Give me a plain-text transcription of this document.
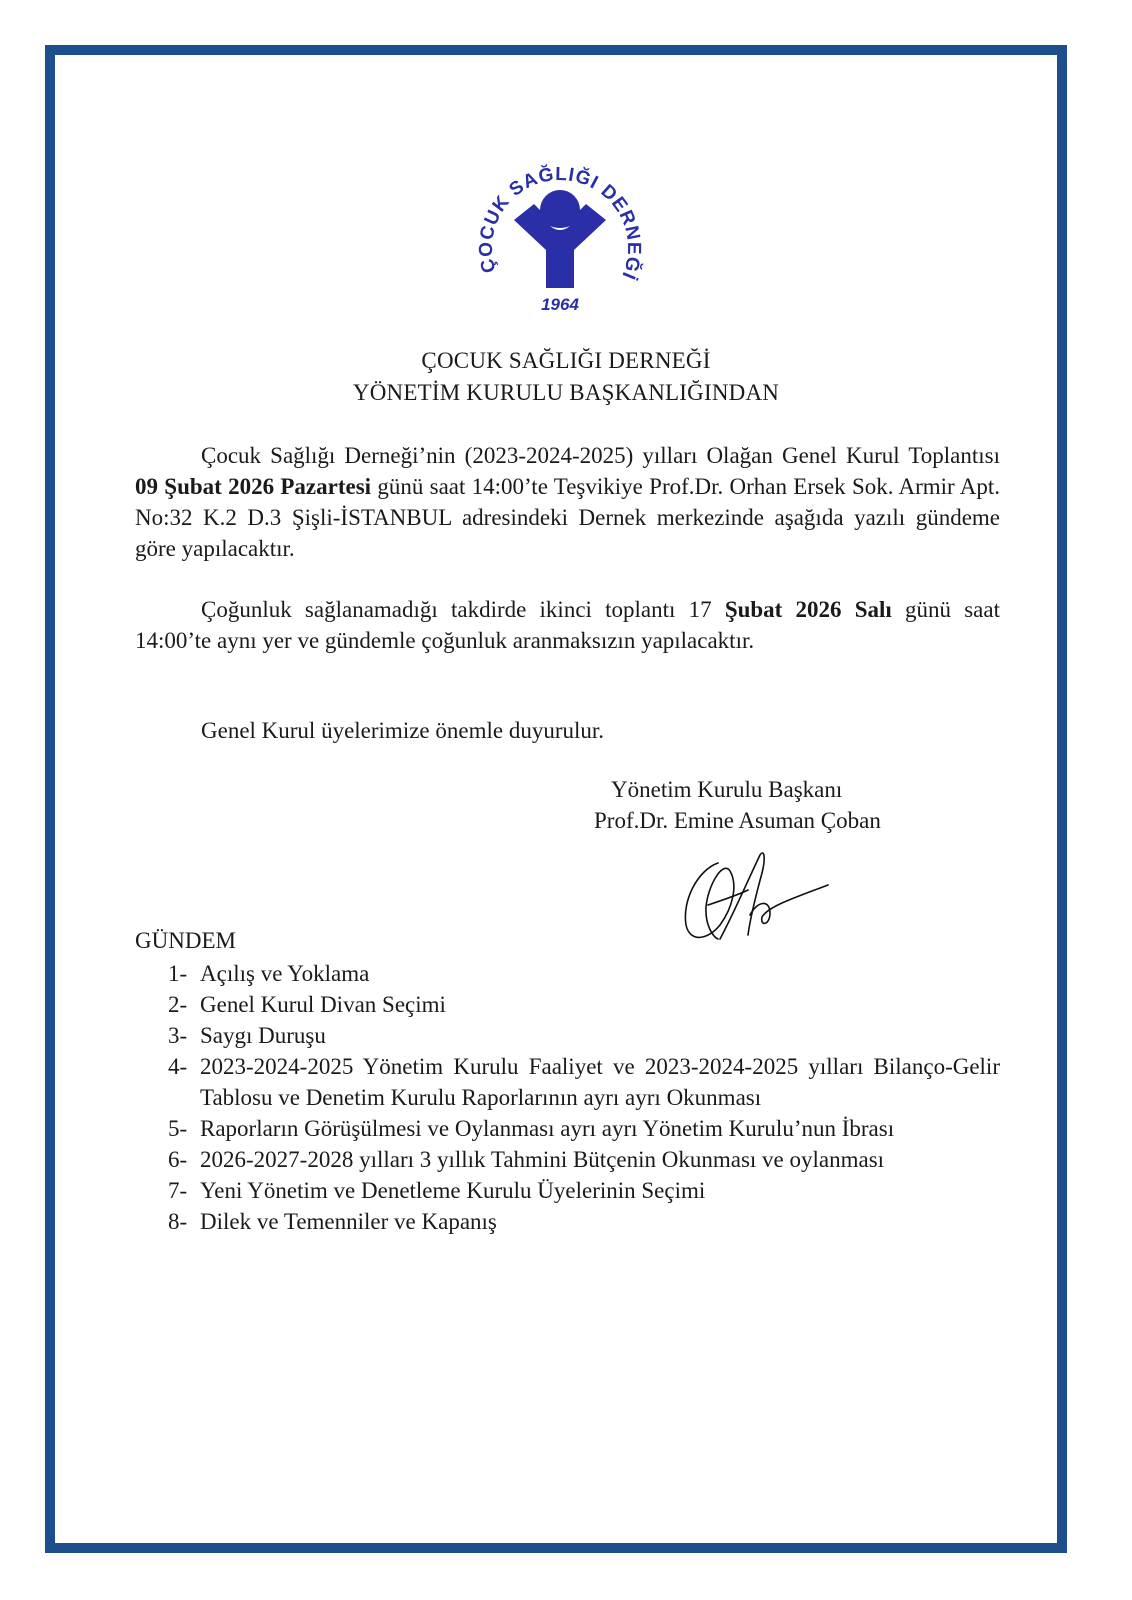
ÇOCUK SAĞLIĞI DERNEĞİ
1964
ÇOCUK SAĞLIĞI DERNEĞİ
YÖNETİM KURULU BAŞKANLIĞINDAN
Çocuk Sağlığı Derneği’nin (2023-2024-2025) yılları Olağan Genel Kurul Toplantısı 09 Şubat 2026 Pazartesi günü saat 14:00’te Teşvikiye Prof.Dr. Orhan Ersek Sok. Armir Apt. No:32 K.2 D.3 Şişli-İSTANBUL adresindeki Dernek merkezinde aşağıda yazılı gündeme göre yapılacaktır.
Çoğunluk sağlanamadığı takdirde ikinci toplantı 17 Şubat 2026 Salı günü saat 14:00’te aynı yer ve gündemle çoğunluk aranmaksızın yapılacaktır.
Genel Kurul üyelerimize önemle duyurulur.
Yönetim Kurulu Başkanı
Prof.Dr. Emine Asuman Çoban
GÜNDEM
1- Açılış ve Yoklama
2- Genel Kurul Divan Seçimi
3- Saygı Duruşu
4- 2023-2024-2025 Yönetim Kurulu Faaliyet ve 2023-2024-2025 yılları Bilanço-Gelir Tablosu ve Denetim Kurulu Raporlarının ayrı ayrı Okunması
5- Raporların Görüşülmesi ve Oylanması ayrı ayrı Yönetim Kurulu’nun İbrası
6- 2026-2027-2028 yılları 3 yıllık Tahmini Bütçenin Okunması ve oylanması
7- Yeni Yönetim ve Denetleme Kurulu Üyelerinin Seçimi
8- Dilek ve Temenniler ve Kapanış
